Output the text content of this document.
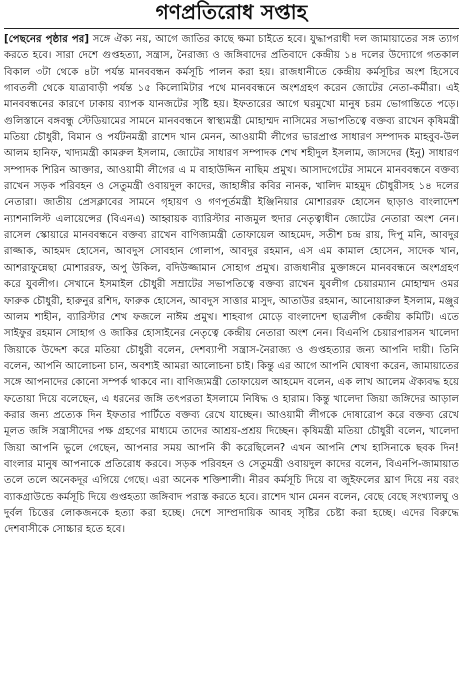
গণপ্রতিরোধ সপ্তাহ
[পেছনের পৃষ্ঠার পর] সঙ্গে ঐক্য নয়, আগে জাতির কাছে ক্ষমা চাইতে হবে। যুদ্ধাপরাধী দল জামায়াতের সঙ্গ ত্যাগ করতে হবে। সারা দেশে গুপ্তহত্যা, সন্ত্রাস, নৈরাজ্য ও জঙ্গিবাদের প্রতিবাদে কেন্দ্রীয় ১৪ দলের উদ্যোগে গতকাল বিকাল ৩টা থেকে ৪টা পর্যন্ত মানববন্ধন কর্মসূচি পালন করা হয়। রাজধানীতে কেন্দ্রীয় কর্মসূচির অংশ হিসেবে গাবতলী থেকে যাত্রাবাড়ী পর্যন্ত ১৫ কিলোমিটার পথে মানববন্ধনে অংশগ্রহণ করেন জোটের নেতা-কর্মীরা। এই মানববন্ধনের কারণে ঢাকায় ব্যাপক যানজটের সৃষ্টি হয়। ইফতারের আগে ঘরমুখো মানুষ চরম ভোগান্তিতে পড়ে। গুলিস্তানে বঙ্গবন্ধু স্টেডিয়ামের সামনে মানববন্ধনে স্বাস্থ্যমন্ত্রী মোহাম্মদ নাসিমের সভাপতিত্বে বক্তব্য রাখেন কৃষিমন্ত্রী মতিয়া চৌধুরী, বিমান ও পর্যটনমন্ত্রী রাশেদ খান মেনন, আওয়ামী লীগের ভারপ্রাপ্ত সাধারণ সম্পাদক মাহবুব-উল আলম হানিফ, খাদ্যমন্ত্রী কামরুল ইসলাম, জোটের সাধারণ সম্পাদক শেখ শহীদুল ইসলাম, জাসদের (ইনু) সাধারণ সম্পাদক শিরিন আক্তার, আওয়ামী লীগের এ ম বাহাউদ্দিন নাছিম প্রমুখ। আসাদগেটের সামনে মানববন্ধনে বক্তব্য রাখেন সড়ক পরিবহন ও সেতুমন্ত্রী ওবায়দুল কাদের, জাহাঙ্গীর কবির নানক, খালিদ মাহমুদ চৌধুরীসহ ১৪ দলের নেতারা। জাতীয় প্রেসক্লাবের সামনে গৃহায়ণ ও গণপূর্তমন্ত্রী ইঞ্জিনিয়ার মোশাররফ হোসেন ছাড়াও বাংলাদেশ ন্যাশনালিস্ট এলায়েন্সের (বিএনএ) আহ্বায়ক ব্যারিস্টার নাজমুল হুদার নেতৃত্বাধীন জোটের নেতারা অংশ নেন। রাসেল স্কোয়ারে মানববন্ধনে বক্তব্য রাখেন বাণিজ্যমন্ত্রী তোফায়েল আহমেদ, সতীশ চন্দ্র রায়, দিপু মনি, আবদুর রাজ্জাক, আহমদ হোসেন, আবদুস সোবহান গোলাপ, আবদুর রহমান, এস এম কামাল হোসেন, সাদেক খান, আশরাফুন্নেছা মোশাররফ, অপু উকিল, বদিউজ্জামান সোহাগ প্রমুখ। রাজধানীর মুক্তাঙ্গনে মানববন্ধনে অংশগ্রহণ করে যুবলীগ। সেখানে ইসমাইল চৌধুরী সম্রাটের সভাপতিত্বে বক্তব্য রাখেন যুবলীগ চেয়ারম্যান মোহাম্মদ ওমর ফারুক চৌধুরী, হারুনুর রশিদ, ফারুক হোসেন, আবদুস সাত্তার মাসুদ, আতাউর রহমান, আনোয়ারুল ইসলাম, মঞ্জুর আলম শাহীন, ব্যারিস্টার শেখ ফজলে নাঈম প্রমুখ। শাহবাগ মোড়ে বাংলাদেশ ছাত্রলীগ কেন্দ্রীয় কমিটি। এতে সাইফুর রহমান সোহাগ ও জাকির হোসাইনের নেতৃত্বে কেন্দ্রীয় নেতারা অংশ নেন। বিএনপি চেয়ারপারসন খালেদা জিয়াকে উদ্দেশ করে মতিয়া চৌধুরী বলেন, দেশব্যাপী সন্ত্রাস-নৈরাজ্য ও গুপ্তহত্যার জন্য আপনি দায়ী। তিনি বলেন, আপনি আলোচনা চান, অবশ্যই আমরা আলোচনা চাই। কিন্তু এর আগে আপনি ঘোষণা করেন, জামায়াতের সঙ্গে আপনাদের কোনো সম্পর্ক থাকবে না। বাণিজ্যমন্ত্রী তোফায়েল আহমেদ বলেন, এক লাখ আলেম ঐক্যবদ্ধ হয়ে ফতোয়া দিয়ে বলেছেন, এ ধরনের জঙ্গি তৎপরতা ইসলামে নিষিদ্ধ ও হারাম। কিন্তু খালেদা জিয়া জঙ্গিদের আড়াল করার জন্য প্রত্যেক দিন ইফতার পার্টিতে বক্তব্য রেখে যাচ্ছেন। আওয়ামী লীগকে দোষারোপ করে বক্তব্য রেখে মূলত জঙ্গি সন্ত্রাসীদের পক্ষ গ্রহণের মাধ্যমে তাদের আশ্রয়-প্রশ্রয় দিচ্ছেন। কৃষিমন্ত্রী মতিয়া চৌধুরী বলেন, খালেদা জিয়া আপনি ভুলে গেছেন, আপনার সময় আপনি কী করেছিলেন? এখন আপনি শেখ হাসিনাকে ছবক দিন! বাংলার মানুষ আপনাকে প্রতিরোধ করবে। সড়ক পরিবহন ও সেতুমন্ত্রী ওবায়দুল কাদের বলেন, বিএনপি-জামায়াত তলে তলে অনেকদূর এগিয়ে গেছে। এরা অনেক শক্তিশালী। নীরব কর্মসূচি দিয়ে বা জুইফলের ঘ্রাণ দিয়ে নয় বরং ব্যাকগ্রাউন্ডে কর্মসূচি দিয়ে গুপ্তহত্যা জঙ্গিবাদ পরাস্ত করতে হবে। রাশেদ খান মেনন বলেন, বেছে বেছে সংখ্যালঘু ও দুর্বল চিত্তের লোকজনকে হত্যা করা হচ্ছে। দেশে সাম্প্রদায়িক আবহ সৃষ্টির চেষ্টা করা হচ্ছে। এদের বিরুদ্ধে দেশবাসীকে সোচ্চার হতে হবে।
